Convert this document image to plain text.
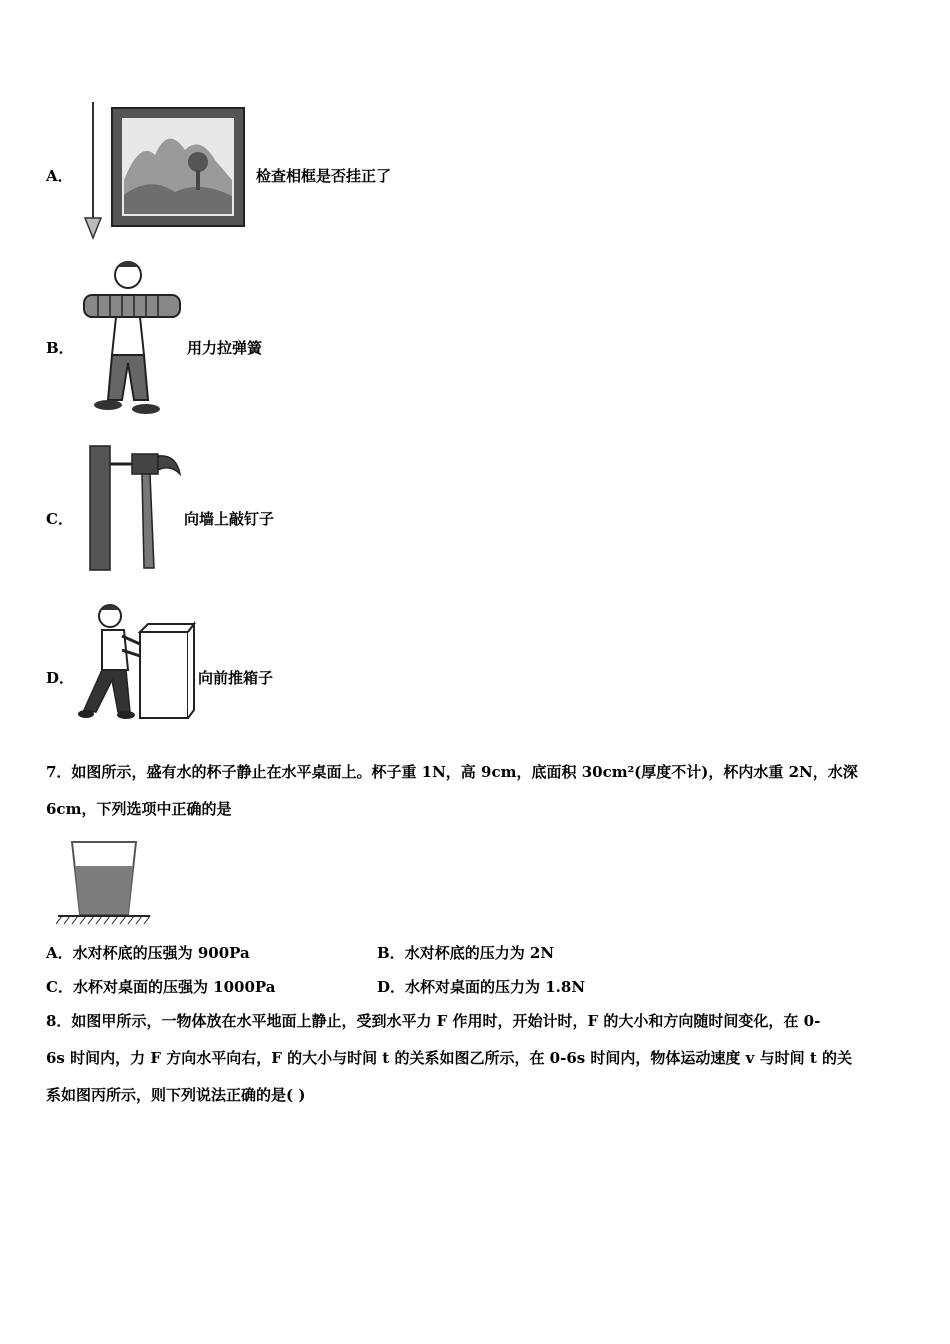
A．	检查相框是否挂正了
B．	用力拉弹簧
C．	向墙上敲钉子
D．	向前推箱子
7．如图所示，盛有水的杯子静止在水平桌面上。杯子重 1N，高 9cm，底面积 30cm²(厚度不计)，杯内水重 2N，水深
6cm，下列选项中正确的是
A．水对杯底的压强为 900Pa	B．水对杯底的压力为 2N
C．水杯对桌面的压强为 1000Pa	D．水杯对桌面的压力为 1.8N
8．如图甲所示，一物体放在水平地面上静止，受到水平力 F 作用时，开始计时，F 的大小和方向随时间变化，在 0-
6s 时间内，力 F 方向水平向右，F 的大小与时间 t 的关系如图乙所示，在 0-6s 时间内，物体运动速度 v 与时间 t 的关
系如图丙所示，则下列说法正确的是( )
